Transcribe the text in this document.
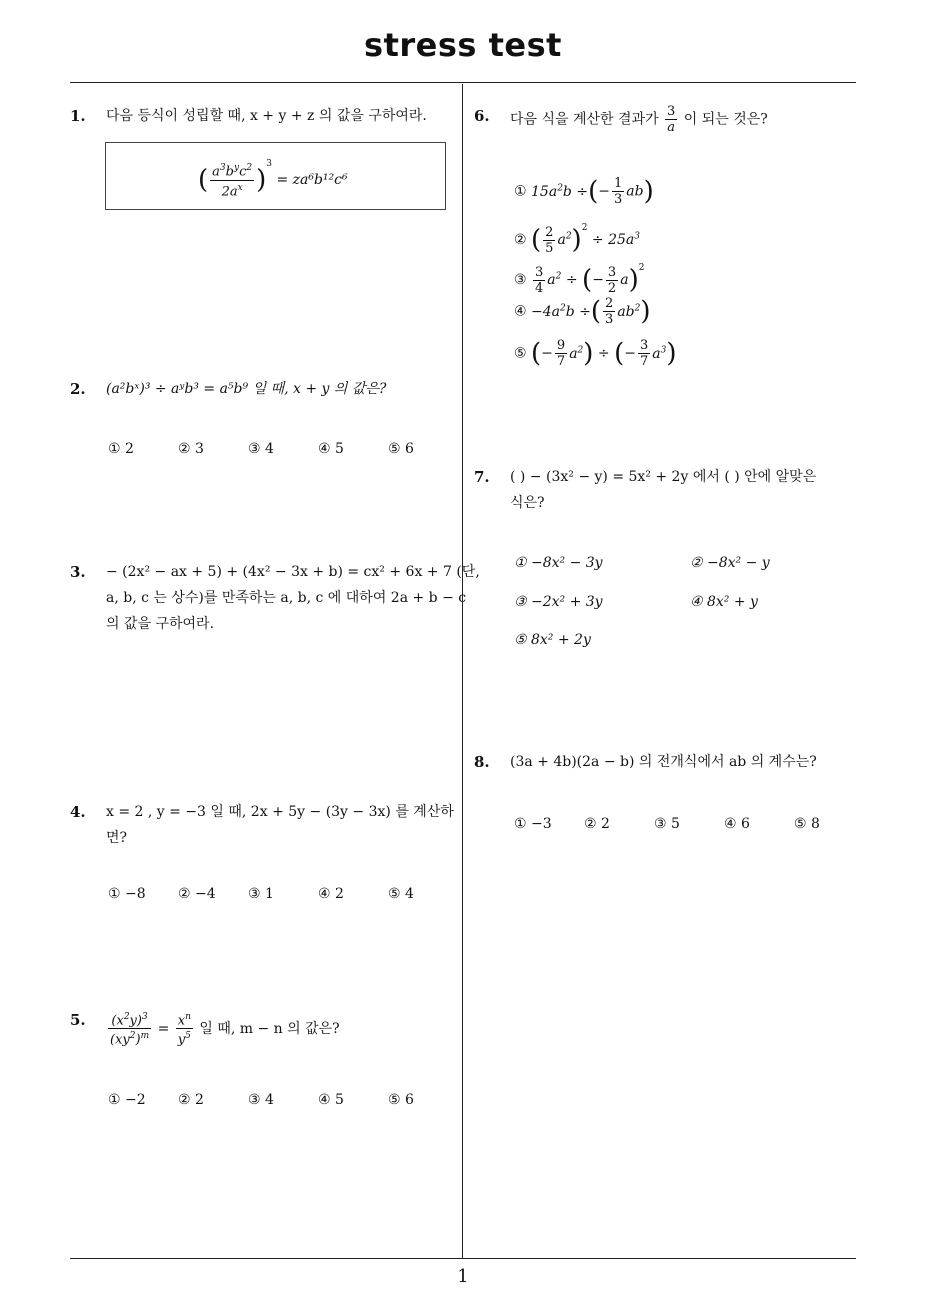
stress test
1
1. 다음 등식이 성립할 때, x + y + z 의 값을 구하여라.
( $\frac{a^3b^yc^2}{2a^x} )^3 = za^6b^{12}c^6$
2. (a²bˣ)³ ÷ aʸb³ = a⁵b⁹ 일 때, x + y 의 값은?
① 2	② 3	③ 4	④ 5	⑤ 6
3. − (2x² − ax + 5) + (4x² − 3x + b) = cx² + 6x + 7 (단,
a, b, c 는 상수)를 만족하는 a, b, c 에 대하여 2a + b − c
의 값을 구하여라.
4. x = 2 , y = −3 일 때, 2x + 5y − (3y − 3x) 를 계산하
면?
① −8 ② −4 ③ 1	④ 2	⑤ 4
5. $\frac{(x^2y)^3}{(xy^2)^m} = \frac{x^n}{y^5}$ 일 때, m − n 의 값은?
① −2 ② 2	③ 4	④ 5	⑤ 6
6. 다음 식을 계산한 결과가 $\frac{3}{a}$ 이 되는 것은?
① $15a^2b$ ÷(− $\frac{1}{3} ab$)
② ( $\frac{2}{5} a^2)^2 \div 25a^3$
③ $\frac{3}{4} a^2$ ÷ (− $\frac{3}{2} a)^2$
④ $-4a^2b$ ÷( $\frac{2}{3} ab^2$)
⑤ (− $\frac{9}{7} a^2$) ÷ (− $\frac{3}{7} a^3$)
7. ( ) − (3x² − y) = 5x² + 2y 에서 ( ) 안에 알맞은
식은?
① −8x² − 3y	② −8x² − y
③ −2x² + 3y	④ 8x² + y
⑤ 8x² + 2y
8. (3a + 4b)(2a − b) 의 전개식에서 ab 의 계수는?
① −3 ② 2	③ 5	④ 6	⑤ 8
